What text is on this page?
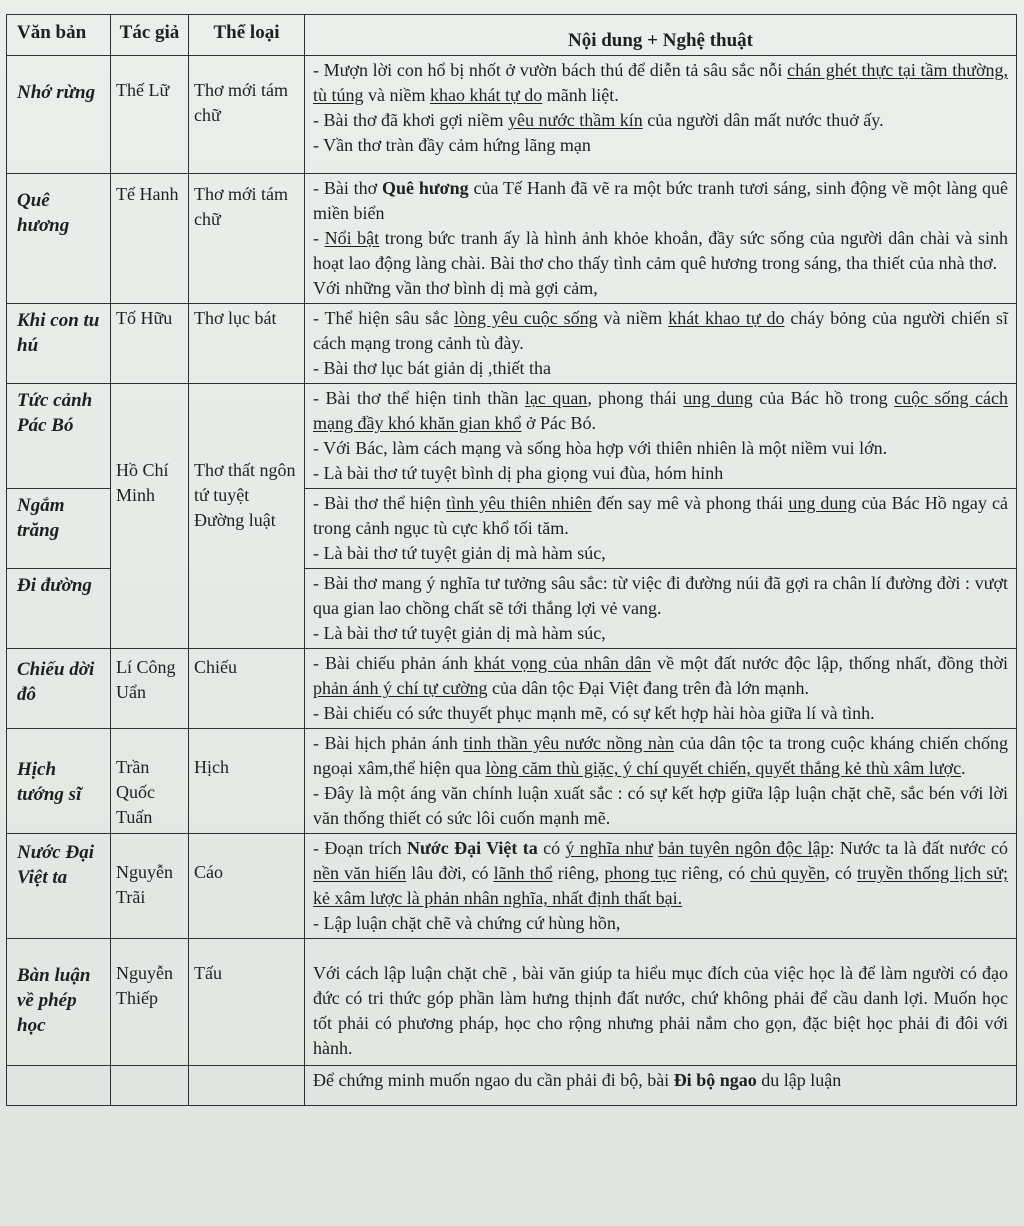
Văn bản	Tác giả	Thể loại	Nội dung + Nghệ thuật

Nhớ rừng	Thế Lữ	Thơ mới tám chữ	- Mượn lời con hổ bị nhốt ở vườn bách thú để diễn tả sâu sắc nỗi chán ghét thực tại tầm thường, tù túng và niềm khao khát tự do mãnh liệt.

- Bài thơ đã khơi gợi niềm yêu nước thầm kín của người dân mất nước thuở ấy.

- Vần thơ tràn đầy cảm hứng lãng mạn

Quê hương	Tế Hanh	Thơ mới tám chữ	- Bài thơ Quê hương của Tế Hanh đã vẽ ra một bức tranh tươi sáng, sinh động về một làng quê miền biển

- Nổi bật trong bức tranh ấy là hình ảnh khỏe khoắn, đầy sức sống của người dân chài và sinh hoạt lao động làng chài. Bài thơ cho thấy tình cảm quê hương trong sáng, tha thiết của nhà thơ.

Với những vần thơ bình dị mà gợi cảm,

Khi con tu hú	Tố Hữu	Thơ lục bát	- Thể hiện sâu sắc lòng yêu cuộc sống và niềm khát khao tự do cháy bỏng của người chiến sĩ cách mạng trong cảnh tù đày.

- Bài thơ lục bát giản dị ,thiết tha

Tức cảnh Pác Bó	Hồ Chí Minh	Thơ thất ngôn tứ tuyệt Đường luật	- Bài thơ thể hiện tinh thần lạc quan, phong thái ung dung của Bác hồ trong cuộc sống cách mạng đầy khó khăn gian khổ ở Pác Bó.

- Với Bác, làm cách mạng và sống hòa hợp với thiên nhiên là một niềm vui lớn.

- Là bài thơ tứ tuyệt bình dị pha giọng vui đùa, hóm hỉnh

Ngắm trăng			- Bài thơ thể hiện tình yêu thiên nhiên đến say mê và phong thái ung dung của Bác Hồ ngay cả trong cảnh ngục tù cực khổ tối tăm.

- Là bài thơ tứ tuyệt giản dị mà hàm súc,

Đi đường			- Bài thơ mang ý nghĩa tư tưởng sâu sắc: từ việc đi đường núi đã gợi ra chân lí đường đời : vượt qua gian lao chồng chất sẽ tới thắng lợi vẻ vang.

- Là bài thơ tứ tuyệt giản dị mà hàm súc,

Chiếu dời đô	Lí Công Uẩn	Chiếu	- Bài chiếu phản ánh khát vọng của nhân dân về một đất nước độc lập, thống nhất, đồng thời phản ánh ý chí tự cường của dân tộc Đại Việt đang trên đà lớn mạnh.

- Bài chiếu có sức thuyết phục mạnh mẽ, có sự kết hợp hài hòa giữa lí và tình.

Hịch tướng sĩ	Trần Quốc Tuấn	Hịch	- Bài hịch phản ánh tinh thần yêu nước nồng nàn của dân tộc ta trong cuộc kháng chiến chống ngoại xâm,thể hiện qua lòng căm thù giặc, ý chí quyết chiến, quyết thắng kẻ thù xâm lược.

- Đây là một áng văn chính luận xuất sắc : có sự kết hợp giữa lập luận chặt chẽ, sắc bén với lời văn thống thiết có sức lôi cuốn mạnh mẽ.

Nước Đại Việt ta	Nguyễn Trãi	Cáo	- Đoạn trích Nước Đại Việt ta có ý nghĩa như bản tuyên ngôn độc lập: Nước ta là đất nước có nền văn hiến lâu đời, có lãnh thổ riêng, phong tục riêng, có chủ quyền, có truyền thống lịch sử; kẻ xâm lược là phản nhân nghĩa, nhất định thất bại.

- Lập luận chặt chẽ và chứng cứ hùng hồn,

Bàn luận về phép học	Nguyễn Thiếp	Tấu	Với cách lập luận chặt chẽ , bài văn giúp ta hiểu mục đích của việc học là để làm người có đạo đức có tri thức góp phần làm hưng thịnh đất nước, chứ không phải để cầu danh lợi. Muốn học tốt phải có phương pháp, học cho rộng nhưng phải nắm cho gọn, đặc biệt học phải đi đôi với hành.

			Để chứng minh muốn ngao du cần phải đi bộ, bài Đi bộ ngao du lập luận
